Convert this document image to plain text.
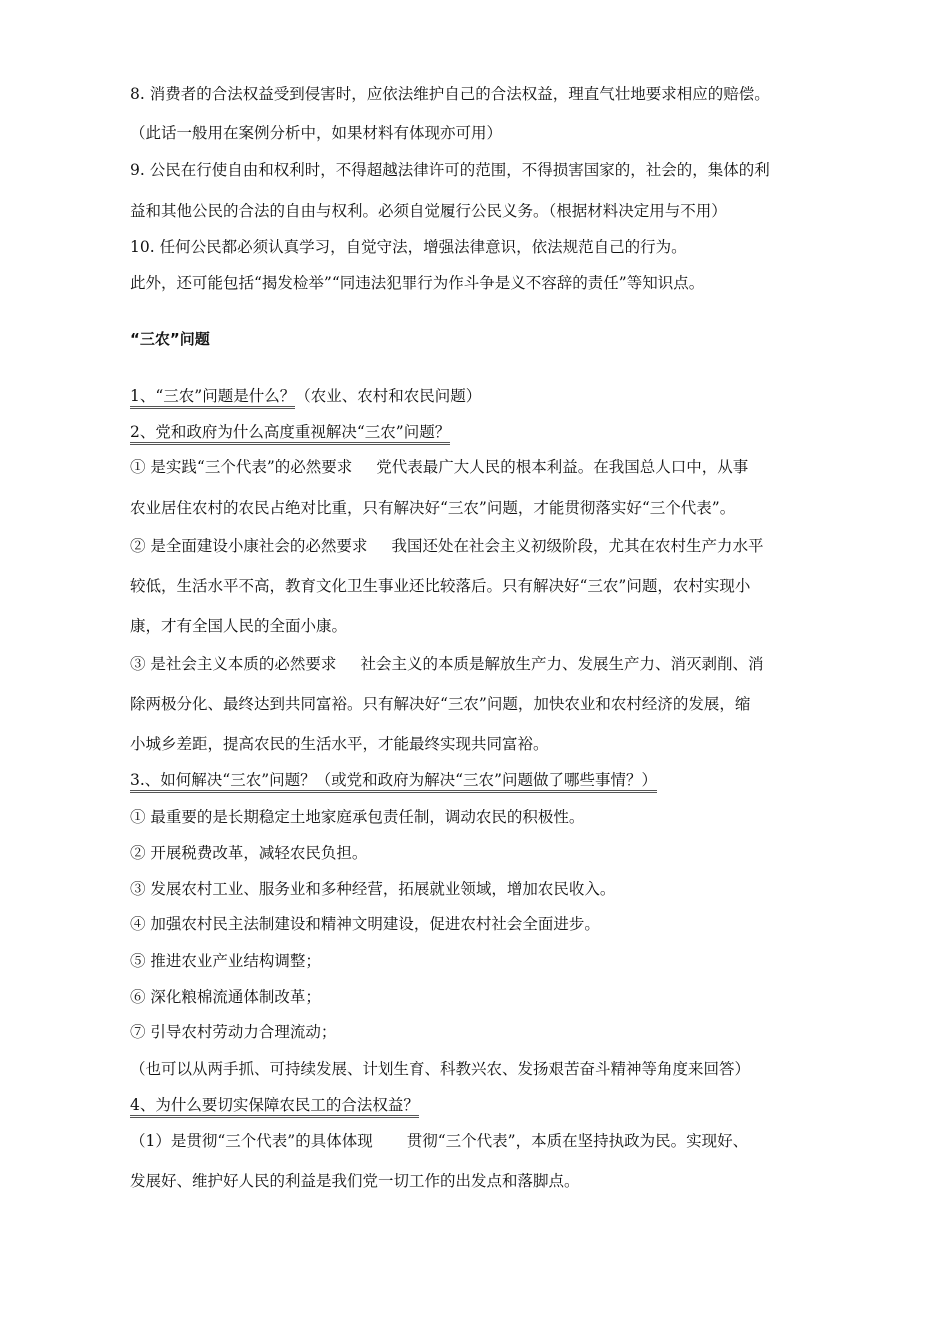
8. 消费者的合法权益受到侵害时，应依法维护自己的合法权益，理直气壮地要求相应的赔偿。
（此话一般用在案例分析中，如果材料有体现亦可用）
9. 公民在行使自由和权利时，不得超越法律许可的范围，不得损害国家的，社会的，集体的利
益和其他公民的合法的自由与权利。必须自觉履行公民义务。（根据材料决定用与不用）
10. 任何公民都必须认真学习，自觉守法，增强法律意识，依法规范自己的行为。
此外，还可能包括“揭发检举”“同违法犯罪行为作斗争是义不容辞的责任”等知识点。
“三农”问题
1、“三农”问题是什么？（农业、农村和农民问题）
2、党和政府为什么高度重视解决“三农”问题？
① 是实践“三个代表”的必然要求 党代表最广大人民的根本利益。在我国总人口中，从事
农业居住农村的农民占绝对比重，只有解决好“三农”问题，才能贯彻落实好“三个代表”。
② 是全面建设小康社会的必然要求 我国还处在社会主义初级阶段，尤其在农村生产力水平
较低，生活水平不高，教育文化卫生事业还比较落后。只有解决好“三农”问题，农村实现小
康，才有全国人民的全面小康。
③ 是社会主义本质的必然要求 社会主义的本质是解放生产力、发展生产力、消灭剥削、消
除两极分化、最终达到共同富裕。只有解决好“三农”问题，加快农业和农村经济的发展，缩
小城乡差距，提高农民的生活水平，才能最终实现共同富裕。
3.、如何解决“三农”问题？（或党和政府为解决“三农”问题做了哪些事情？）
① 最重要的是长期稳定土地家庭承包责任制，调动农民的积极性。
② 开展税费改革，减轻农民负担。
③ 发展农村工业、服务业和多种经营，拓展就业领域，增加农民收入。
④ 加强农村民主法制建设和精神文明建设，促进农村社会全面进步。
⑤ 推进农业产业结构调整；
⑥ 深化粮棉流通体制改革；
⑦ 引导农村劳动力合理流动；
（也可以从两手抓、可持续发展、计划生育、科教兴农、发扬艰苦奋斗精神等角度来回答）
4、为什么要切实保障农民工的合法权益？
（1）是贯彻“三个代表”的具体体现 贯彻“三个代表”，本质在坚持执政为民。实现好、
发展好、维护好人民的利益是我们党一切工作的出发点和落脚点。
